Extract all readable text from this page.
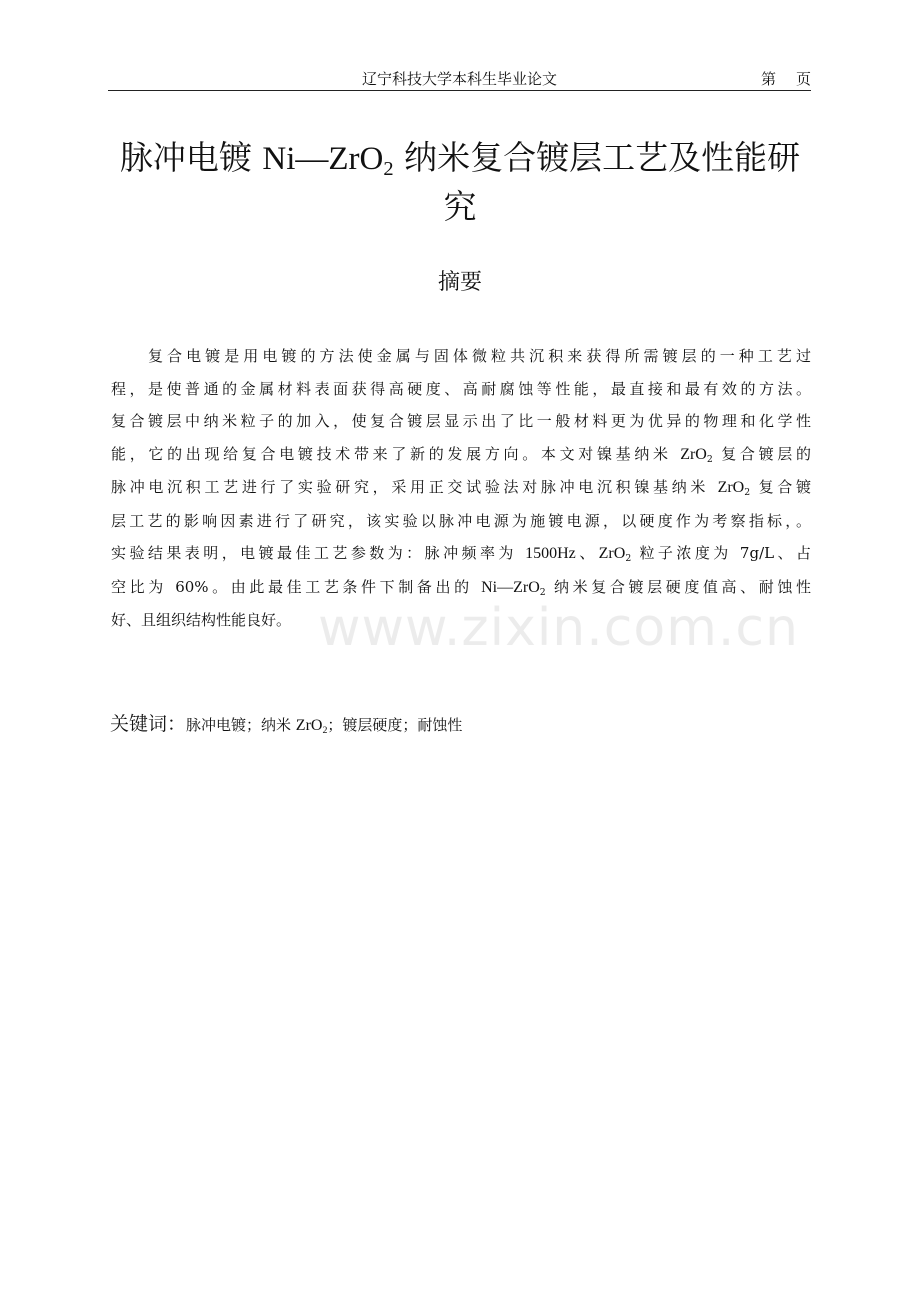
辽宁科技大学本科生毕业论文	第 页
脉冲电镀 Ni—ZrO$_2$ 纳米复合镀层工艺及性能研
究
摘要
复合电镀是用电镀的方法使金属与固体微粒共沉积来获得所需镀层的一种工艺过
程，是使普通的金属材料表面获得高硬度、高耐腐蚀等性能，最直接和最有效的方法。
复合镀层中纳米粒子的加入，使复合镀层显示出了比一般材料更为优异的物理和化学性
能，它的出现给复合电镀技术带来了新的发展方向。本文对镍基纳米 ZrO$_2$ 复合镀层的
脉冲电沉积工艺进行了实验研究，采用正交试验法对脉冲电沉积镍基纳米 ZrO$_2$ 复合镀
层工艺的影响因素进行了研究，该实验以脉冲电源为施镀电源，以硬度作为考察指标，。
实验结果表明，电镀最佳工艺参数为：脉冲频率为 1500Hz、ZrO$_2$ 粒子浓度为 7g/L、占
空比为 60%。由此最佳工艺条件下制备出的 Ni—ZrO$_2$ 纳米复合镀层硬度值高、耐蚀性
好、且组织结构性能良好。
关键词：脉冲电镀；纳米 ZrO$_2$；镀层硬度；耐蚀性
www.zixin.com.cn
